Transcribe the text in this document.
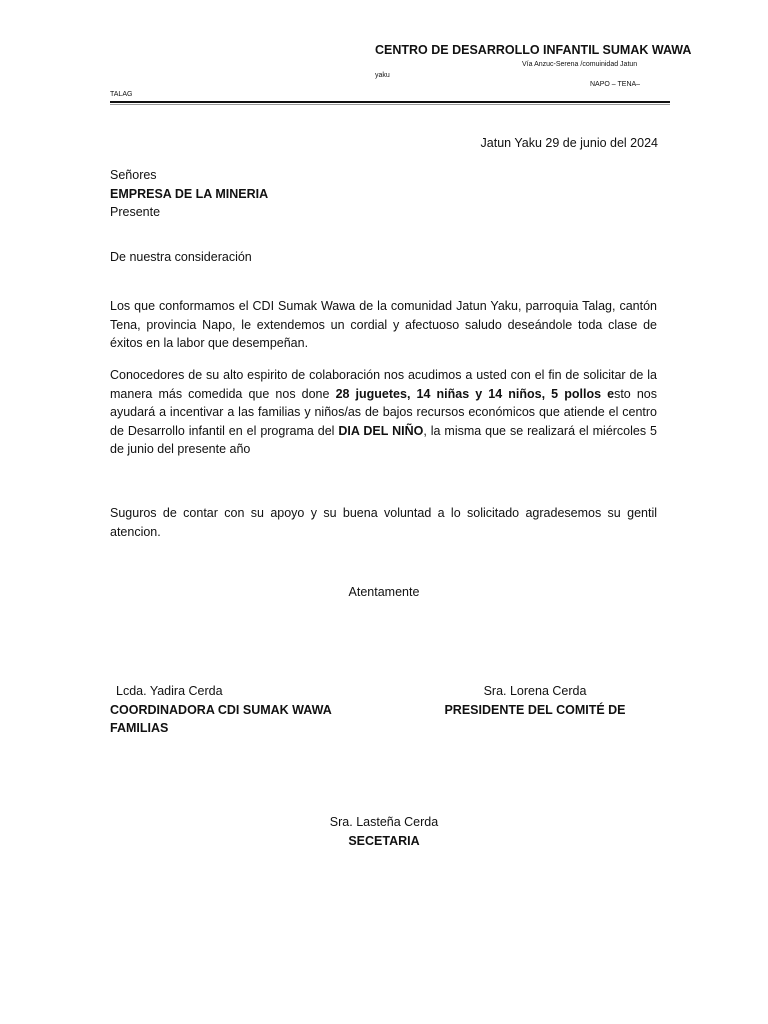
CENTRO DE DESARROLLO INFANTIL SUMAK WAWA
Vía Anzuc-Serena /comuinidad Jatun
yaku
NAPO – TENA–
TALAG
Jatun Yaku 29 de junio del 2024
Señores
EMPRESA DE LA MINERIA
Presente
De nuestra consideración
Los que conformamos el CDI Sumak Wawa de la comunidad Jatun Yaku, parroquia Talag, cantón Tena, provincia Napo, le extendemos un cordial y afectuoso saludo deseándole toda clase de éxitos en la labor que desempeñan.
Conocedores de su alto espirito de colaboración nos acudimos a usted con el fin de solicitar de la manera más comedida que nos done 28 juguetes, 14 niñas y 14 niños, 5 pollos esto nos ayudará a incentivar a las familias y niños/as de bajos recursos económicos que atiende el centro de Desarrollo infantil en el programa del DIA DEL NIÑO, la misma que se realizará el miércoles 5 de junio del presente año
Suguros de contar con su apoyo y su buena voluntad a lo solicitado agradesemos su gentil atencion.
Atentamente
Lcda. Yadira Cerda
COORDINADORA CDI SUMAK WAWA
FAMILIAS
Sra. Lorena Cerda
PRESIDENTE DEL COMITÉ DE
Sra. Lasteña Cerda
SECETARIA
